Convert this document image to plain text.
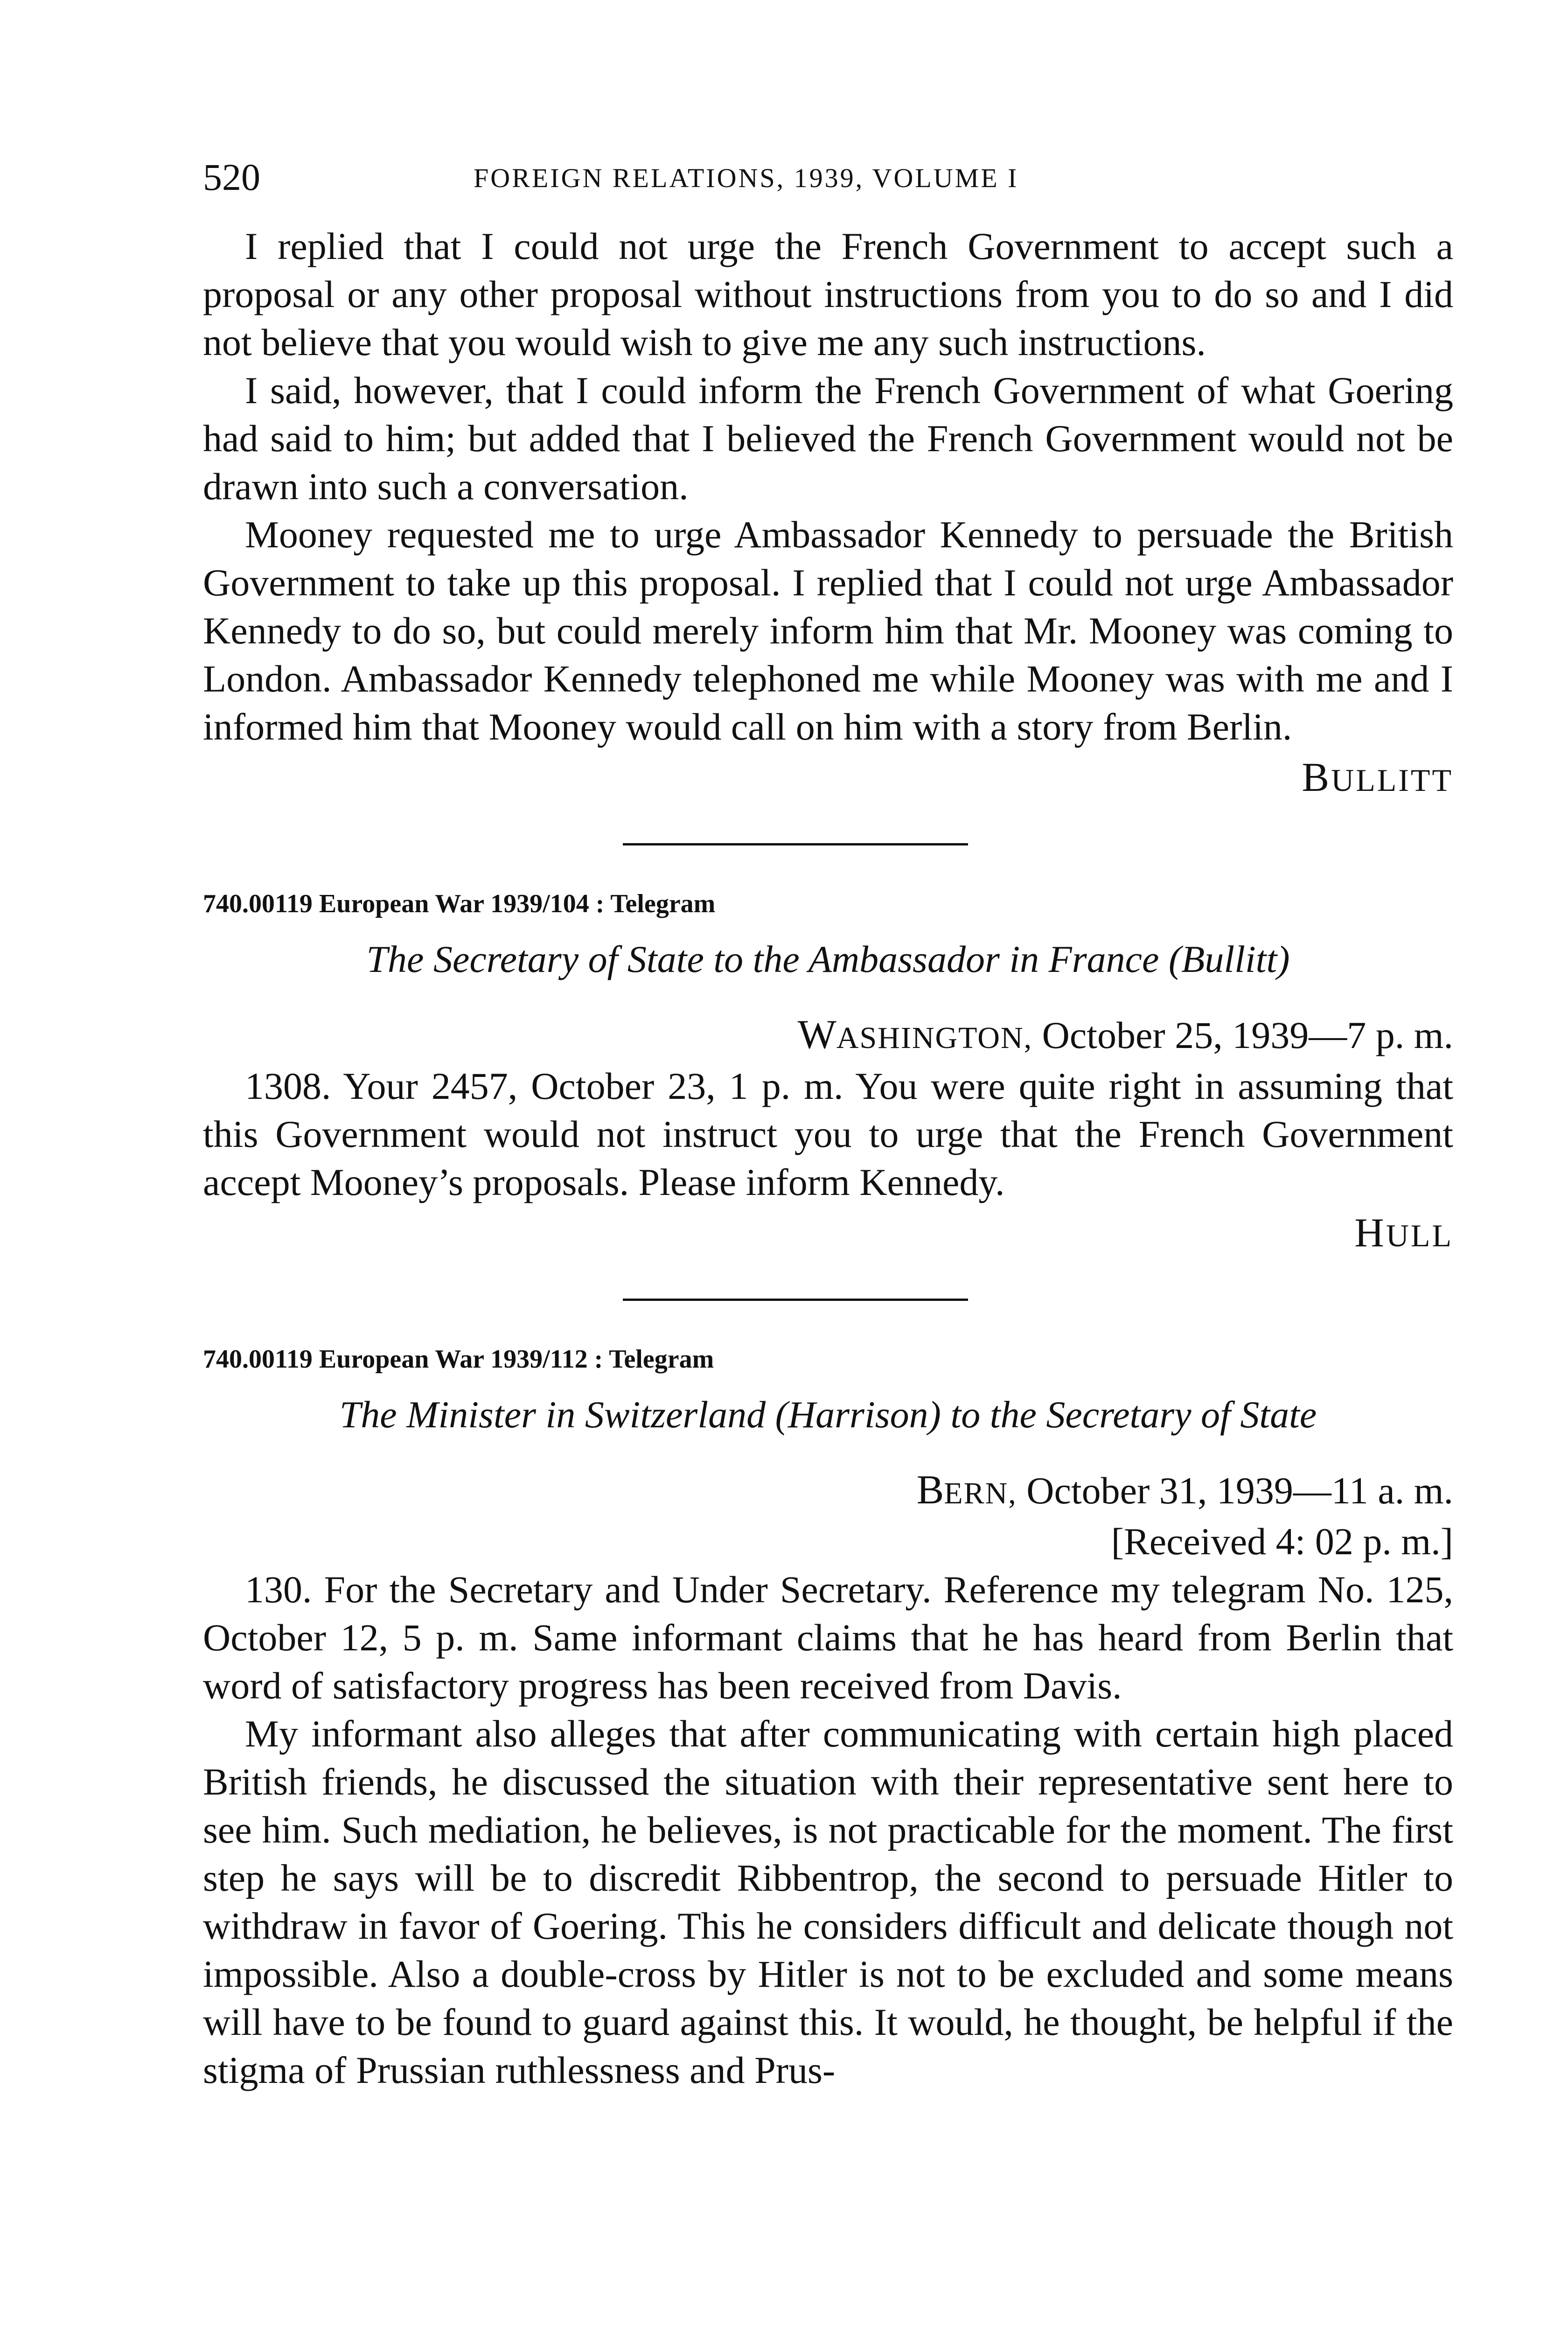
520	FOREIGN RELATIONS, 1939, VOLUME I

I replied that I could not urge the French Government to accept such a proposal or any other proposal without instructions from you to do so and I did not believe that you would wish to give me any such instructions.

I said, however, that I could inform the French Government of what Goering had said to him; but added that I believed the French Government would not be drawn into such a conversation.

Mooney requested me to urge Ambassador Kennedy to persuade the British Government to take up this proposal. I replied that I could not urge Ambassador Kennedy to do so, but could merely inform him that Mr. Mooney was coming to London. Ambassador Kennedy telephoned me while Mooney was with me and I informed him that Mooney would call on him with a story from Berlin.

BULLITT
740.00119 European War 1939/104 : Telegram
The Secretary of State to the Ambassador in France (Bullitt)
WASHINGTON, October 25, 1939—7 p. m.

1308. Your 2457, October 23, 1 p. m. You were quite right in assuming that this Government would not instruct you to urge that the French Government accept Mooney’s proposals. Please inform Kennedy.

HULL
740.00119 European War 1939/112 : Telegram
The Minister in Switzerland (Harrison) to the Secretary of State
BERN, October 31, 1939—11 a. m.
[Received 4: 02 p. m.]

130. For the Secretary and Under Secretary. Reference my telegram No. 125, October 12, 5 p. m. Same informant claims that he has heard from Berlin that word of satisfactory progress has been received from Davis.

My informant also alleges that after communicating with certain high placed British friends, he discussed the situation with their representative sent here to see him. Such mediation, he believes, is not practicable for the moment. The first step he says will be to discredit Ribbentrop, the second to persuade Hitler to withdraw in favor of Goering. This he considers difficult and delicate though not impossible. Also a double-cross by Hitler is not to be excluded and some means will have to be found to guard against this. It would, he thought, be helpful if the stigma of Prussian ruthlessness and Prus-
